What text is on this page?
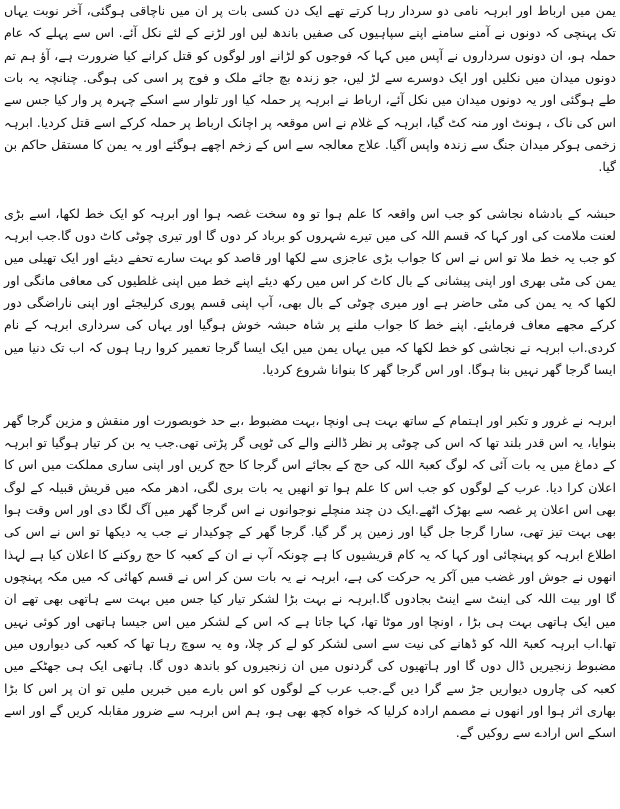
یمن میں ارباط اور ابرہہ نامی دو سردار رہا کرتے تھے ایک دن کسی بات پر ان میں ناچاقی ہوگئی، آخر نوبت یہاں تک پہنچی کہ دونوں نے آمنے سامنے اپنے سپاہیوں کی صفیں باندھ لیں اور لڑنے کے لئے نکل آئے. اس سے پہلے کہ عام حملہ ہو، ان دونوں سرداروں نے آپس میں کہا کہ فوجوں کو لڑانے اور لوگوں کو قتل کرانے کیا ضرورت ہے، آؤ ہم تم دونوں میدان میں نکلیں اور ایک دوسرے سے لڑ لیں، جو زندہ بچ جائے ملک و فوج پر اسی کی ہوگی. چنانچہ یہ بات طے ہوگئی اور یہ دونوں میدان میں نکل آئے، ارباط نے ابرہہ پر حملہ کیا اور تلوار سے اسکے چہرہ پر وار کیا جس سے اس کی ناک ، ہونٹ اور منہ کٹ گیا، ابرہہ کے غلام نے اس موقعہ پر اچانک ارباط پر حملہ کرکے اسے قتل کردیا. ابرہہ زخمی ہوکر میدان جنگ سے زندہ واپس آگیا. علاج معالجہ سے اس کے زخم اچھے ہوگئے اور یہ یمن کا مستقل حاکم بن گیا.

حبشہ کے بادشاہ نجاشی کو جب اس واقعہ کا علم ہوا تو وہ سخت غصہ ہوا اور ابرہہ کو ایک خط لکھا، اسے بڑی لعنت ملامت کی اور کہا کہ قسم اللہ کی میں تیرے شہروں کو برباد کر دوں گا اور تیری چوٹی کاٹ دوں گا.جب ابرہہ کو جب یہ خط ملا تو اس نے اس کا جواب بڑی عاجزی سے لکھا اور قاصد کو بہت سارے تحفے دیئے اور ایک تھیلی میں یمن کی مٹی بھری اور اپنی پیشانی کے بال کاٹ کر اس میں رکھ دیئے اپنے خط میں اپنی غلطیوں کی معافی مانگی اور لکھا کہ یہ یمن کی مٹی حاضر ہے اور میری چوٹی کے بال بھی، آپ اپنی قسم پوری کرلیجئے اور اپنی ناراضگی دور کرکے مجھے معاف فرمایئے. اپنے خط کا جواب ملنے پر شاہ حبشہ خوش ہوگیا اور یہاں کی سرداری ابرہہ کے نام کردی.اب ابرہہ نے نجاشی کو خط لکھا کہ میں یہاں یمن میں ایک ایسا گرجا تعمیر کروا رہا ہوں کہ اب تک دنیا میں ایسا گرجا گھر نہیں بنا ہوگا. اور اس گرجا گھر کا بنوانا شروع کردیا.

ابرہہ نے غرور و تکبر اور اہتمام کے ساتھ بہت ہی اونچا ،بہت مضبوط ،بے حد خوبصورت اور منقش و مزین گرجا گھر بنوایا، یہ اس قدر بلند تھا کہ اس کی چوٹی پر نظر ڈالنے والے کی ٹوپی گر پڑتی تھی.جب یہ بن کر تیار ہوگیا تو ابرہہ کے دماغ میں یہ بات آئی کہ لوگ کعبۃ اللہ کی حج کے بجائے اس گرجا کا حج کریں اور اپنی ساری مملکت میں اس کا اعلان کرا دیا. عرب کے لوگوں کو جب اس کا علم ہوا تو انھیں یہ بات بری لگی، ادھر مکہ میں قریش قبیلہ کے لوگ بھی اس اعلان پر غصہ سے بھڑک اٹھے.ایک دن چند منچلے نوجوانوں نے اس گرجا گھر میں آگ لگا دی اور اس وقت ہوا بھی بہت تیز تھی، سارا گرجا جل گیا اور زمین پر گر گیا. گرجا گھر کے چوکیدار نے جب یہ دیکھا تو اس نے اس کی اطلاع ابرہہ کو پہنچائی اور کہا کہ یہ کام قریشیوں کا ہے چونکہ آپ نے ان کے کعبہ کا حج روکنے کا اعلان کیا ہے لہذا انھوں نے جوش اور غضب میں آکر یہ حرکت کی ہے، ابرہہ نے یہ بات سن کر اس نے قسم کھائی کہ میں مکہ پہنچوں گا اور بیت اللہ کی اینٹ سے اینٹ بجادوں گا.ابرہہ نے بہت بڑا لشکر تیار کیا جس میں بہت سے ہاتھی بھی تھے ان میں ایک ہاتھی بہت ہی بڑا ، اونچا اور موٹا تھا، کہا جاتا ہے کہ اس کے لشکر میں اس جیسا ہاتھی اور کوئی نہیں تھا.اب ابرہہ کعبۃ اللہ کو ڈھانے کی نیت سے اسی لشکر کو لے کر چلا، وہ یہ سوچ رہا تھا کہ کعبہ کی دیواروں میں مضبوط زنجیریں ڈال دوں گا اور ہاتھیوں کی گردنوں میں ان زنجیروں کو باندھ دوں گا. ہاتھی ایک ہی جھٹکے میں کعبہ کی چاروں دیواریں جڑ سے گرا دیں گے.جب عرب کے لوگوں کو اس بارے میں خبریں ملیں تو ان پر اس کا بڑا بھاری اثر ہوا اور انھوں نے مصمم ارادہ کرلیا کہ خواہ کچھ بھی ہو، ہم اس ابرہہ سے ضرور مقابلہ کریں گے اور اسے اسکے اس ارادے سے روکیں گے.
